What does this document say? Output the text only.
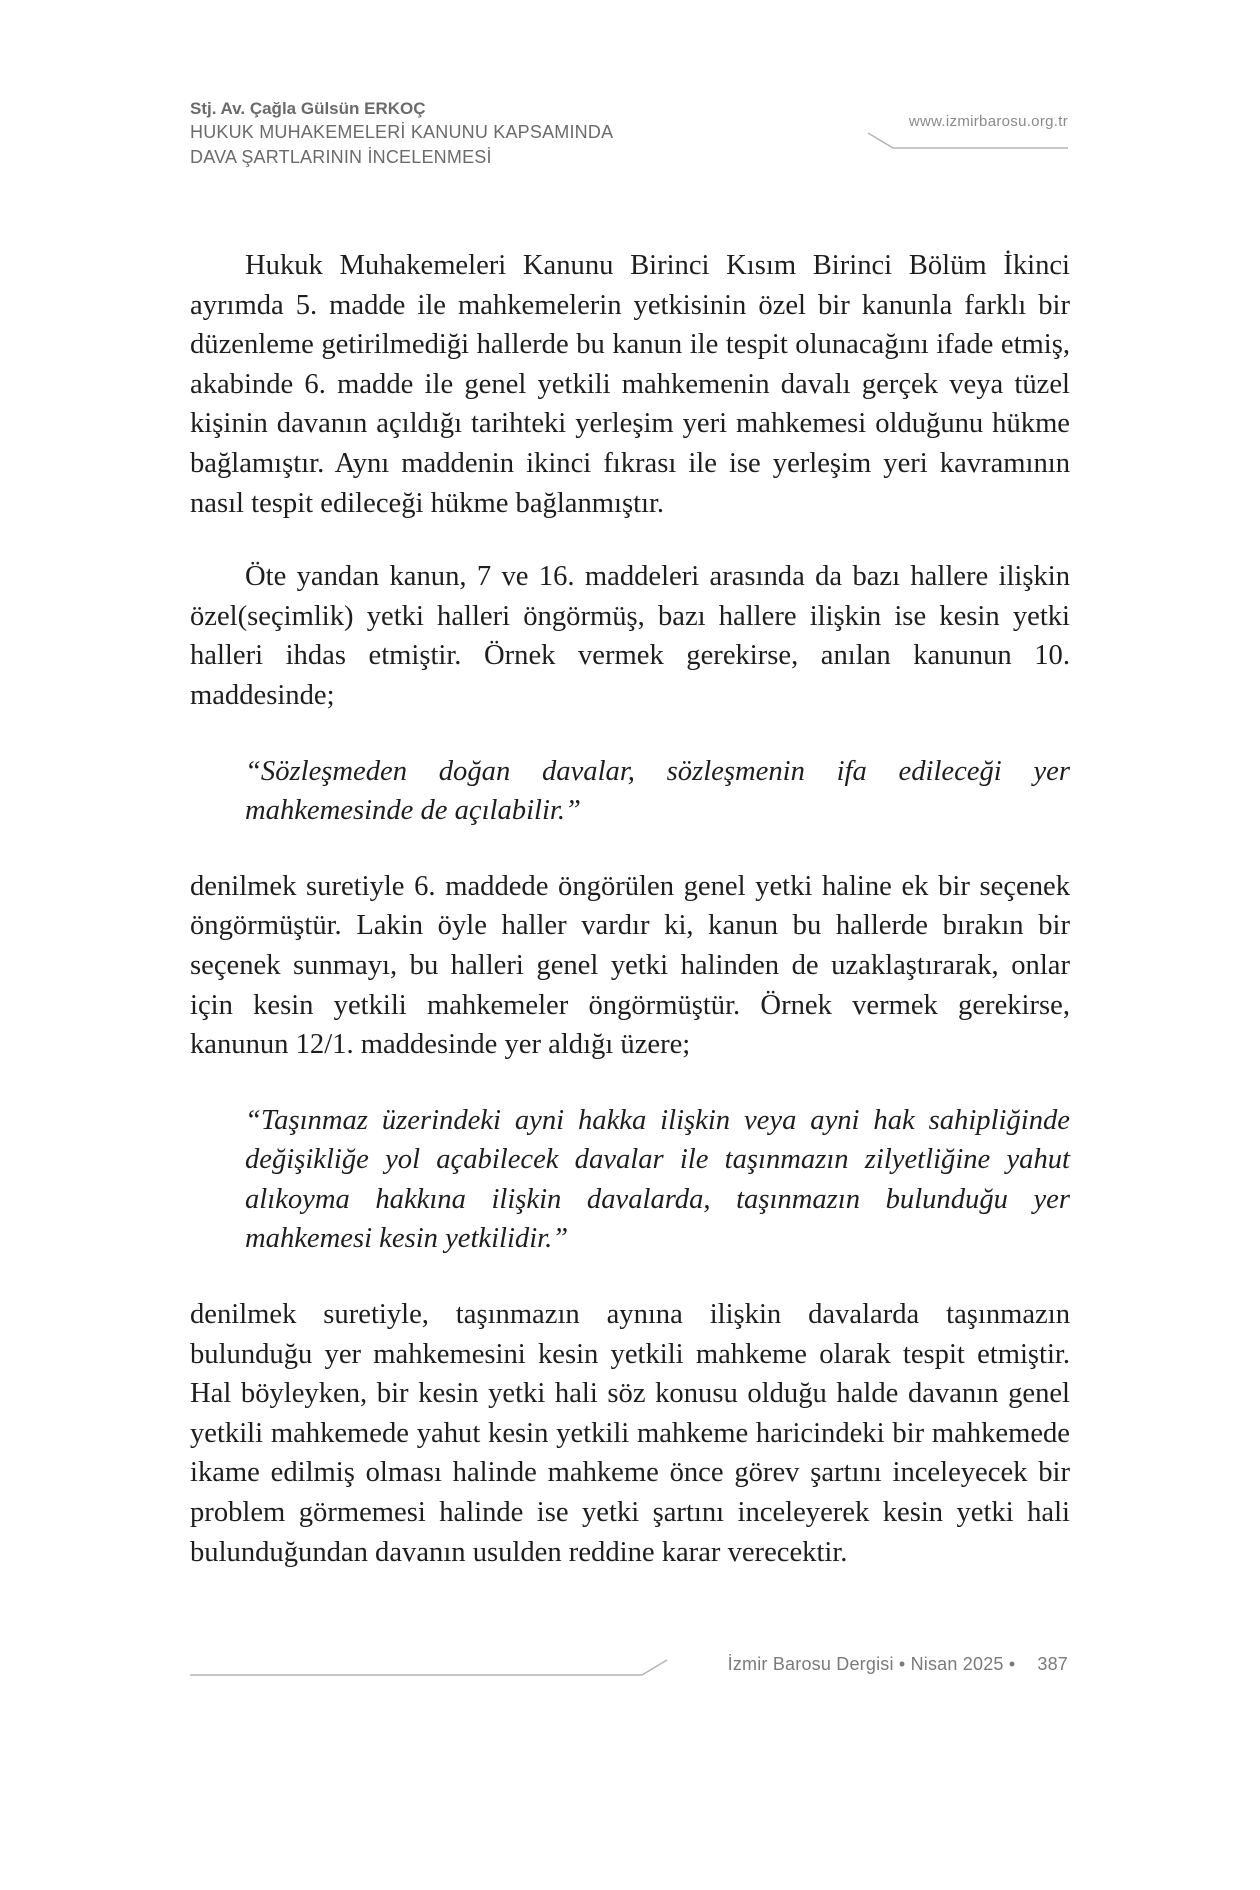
Stj. Av. Çağla Gülsün ERKOÇ
HUKUK MUHAKEMELERİ KANUNU KAPSAMINDA
DAVA ŞARTLARININ İNCELENMESİ
www.izmirbarosu.org.tr

Hukuk Muhakemeleri Kanunu Birinci Kısım Birinci Bölüm İkinci ayrımda 5. madde ile mahkemelerin yetkisinin özel bir kanunla farklı bir düzenleme getirilmediği hallerde bu kanun ile tespit olunacağını ifade etmiş, akabinde 6. madde ile genel yetkili mahkemenin davalı gerçek veya tüzel kişinin davanın açıldığı tarihteki yerleşim yeri mahkemesi olduğunu hükme bağlamıştır. Aynı maddenin ikinci fıkrası ile ise yerleşim yeri kavramının nasıl tespit edileceği hükme bağlanmıştır.

Öte yandan kanun, 7 ve 16. maddeleri arasında da bazı hallere ilişkin özel(seçimlik) yetki halleri öngörmüş, bazı hallere ilişkin ise kesin yetki halleri ihdas etmiştir. Örnek vermek gerekirse, anılan kanunun 10. maddesinde;

“Sözleşmeden doğan davalar, sözleşmenin ifa edileceği yer mahkemesinde de açılabilir.”

denilmek suretiyle 6. maddede öngörülen genel yetki haline ek bir seçenek öngörmüştür. Lakin öyle haller vardır ki, kanun bu hallerde bırakın bir seçenek sunmayı, bu halleri genel yetki halinden de uzaklaştırarak, onlar için kesin yetkili mahkemeler öngörmüştür. Örnek vermek gerekirse, kanunun 12/1. maddesinde yer aldığı üzere;

“Taşınmaz üzerindeki ayni hakka ilişkin veya ayni hak sahipliğinde değişikliğe yol açabilecek davalar ile taşınmazın zilyetliğine yahut alıkoyma hakkına ilişkin davalarda, taşınmazın bulunduğu yer mahkemesi kesin yetkilidir.”

denilmek suretiyle, taşınmazın aynına ilişkin davalarda taşınmazın bulunduğu yer mahkemesini kesin yetkili mahkeme olarak tespit etmiştir. Hal böyleyken, bir kesin yetki hali söz konusu olduğu halde davanın genel yetkili mahkemede yahut kesin yetkili mahkeme haricindeki bir mahkemede ikame edilmiş olması halinde mahkeme önce görev şartını inceleyecek bir problem görmemesi halinde ise yetki şartını inceleyerek kesin yetki hali bulunduğundan davanın usulden reddine karar verecektir.

İzmir Barosu Dergisi • Nisan 2025 • 387
